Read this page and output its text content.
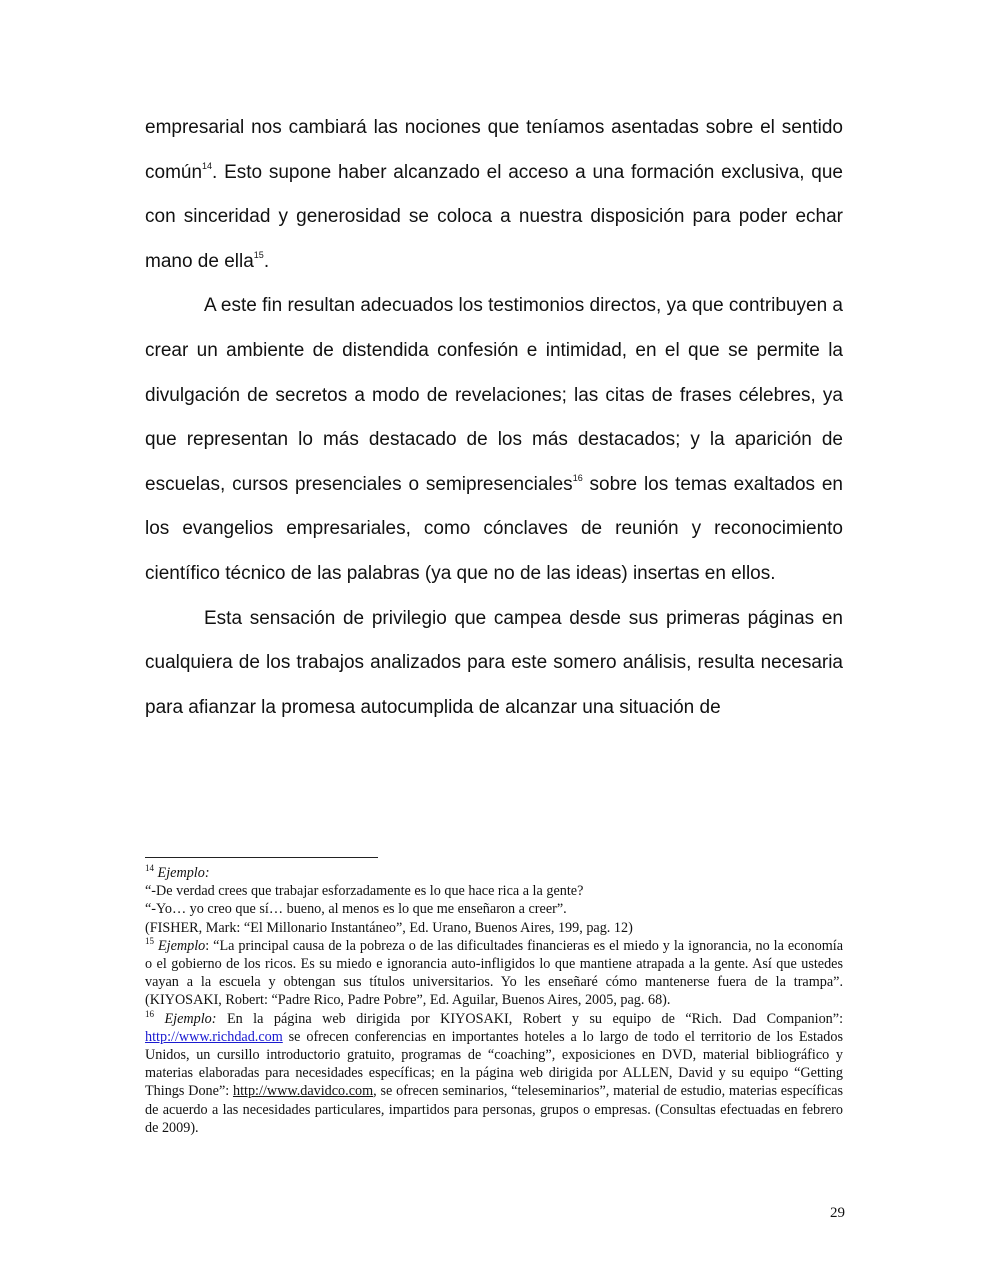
empresarial nos cambiará las nociones que teníamos asentadas sobre el sentido común$^{14}$. Esto supone haber alcanzado el acceso a una formación exclusiva, que con sinceridad y generosidad se coloca a nuestra disposición para poder echar mano de ella$^{15}$.

A este fin resultan adecuados los testimonios directos, ya que contribuyen a crear un ambiente de distendida confesión e intimidad, en el que se permite la divulgación de secretos a modo de revelaciones; las citas de frases célebres, ya que representan lo más destacado de los más destacados; y la aparición de escuelas, cursos presenciales o semipresenciales$^{16}$ sobre los temas exaltados en los evangelios empresariales, como cónclaves de reunión y reconocimiento científico técnico de las palabras (ya que no de las ideas) insertas en ellos.

Esta sensación de privilegio que campea desde sus primeras páginas en cualquiera de los trabajos analizados para este somero análisis, resulta necesaria para afianzar la promesa autocumplida de alcanzar una situación de

$^{14}$ Ejemplo:

“-De verdad crees que trabajar esforzadamente es lo que hace rica a la gente?

“-Yo… yo creo que sí… bueno, al menos es lo que me enseñaron a creer”.

(FISHER, Mark: “El Millonario Instantáneo”, Ed. Urano, Buenos Aires, 199, pag. 12)

$^{15}$ Ejemplo: “La principal causa de la pobreza o de las dificultades financieras es el miedo y la ignorancia, no la economía o el gobierno de los ricos. Es su miedo e ignorancia auto-infligidos lo que mantiene atrapada a la gente. Así que ustedes vayan a la escuela y obtengan sus títulos universitarios. Yo les enseñaré cómo mantenerse fuera de la trampa”. (KIYOSAKI, Robert: “Padre Rico, Padre Pobre”, Ed. Aguilar, Buenos Aires, 2005, pag. 68).

$^{16}$ Ejemplo: En la página web dirigida por KIYOSAKI, Robert y su equipo de “Rich. Dad Companion”: http://www.richdad.com se ofrecen conferencias en importantes hoteles a lo largo de todo el territorio de los Estados Unidos, un cursillo introductorio gratuito, programas de “coaching”, exposiciones en DVD, material bibliográfico y materias elaboradas para necesidades específicas; en la página web dirigida por ALLEN, David y su equipo “Getting Things Done”: http://www.davidco.com, se ofrecen seminarios, “teleseminarios”, material de estudio, materias específicas de acuerdo a las necesidades particulares, impartidos para personas, grupos o empresas. (Consultas efectuadas en febrero de 2009).

29
